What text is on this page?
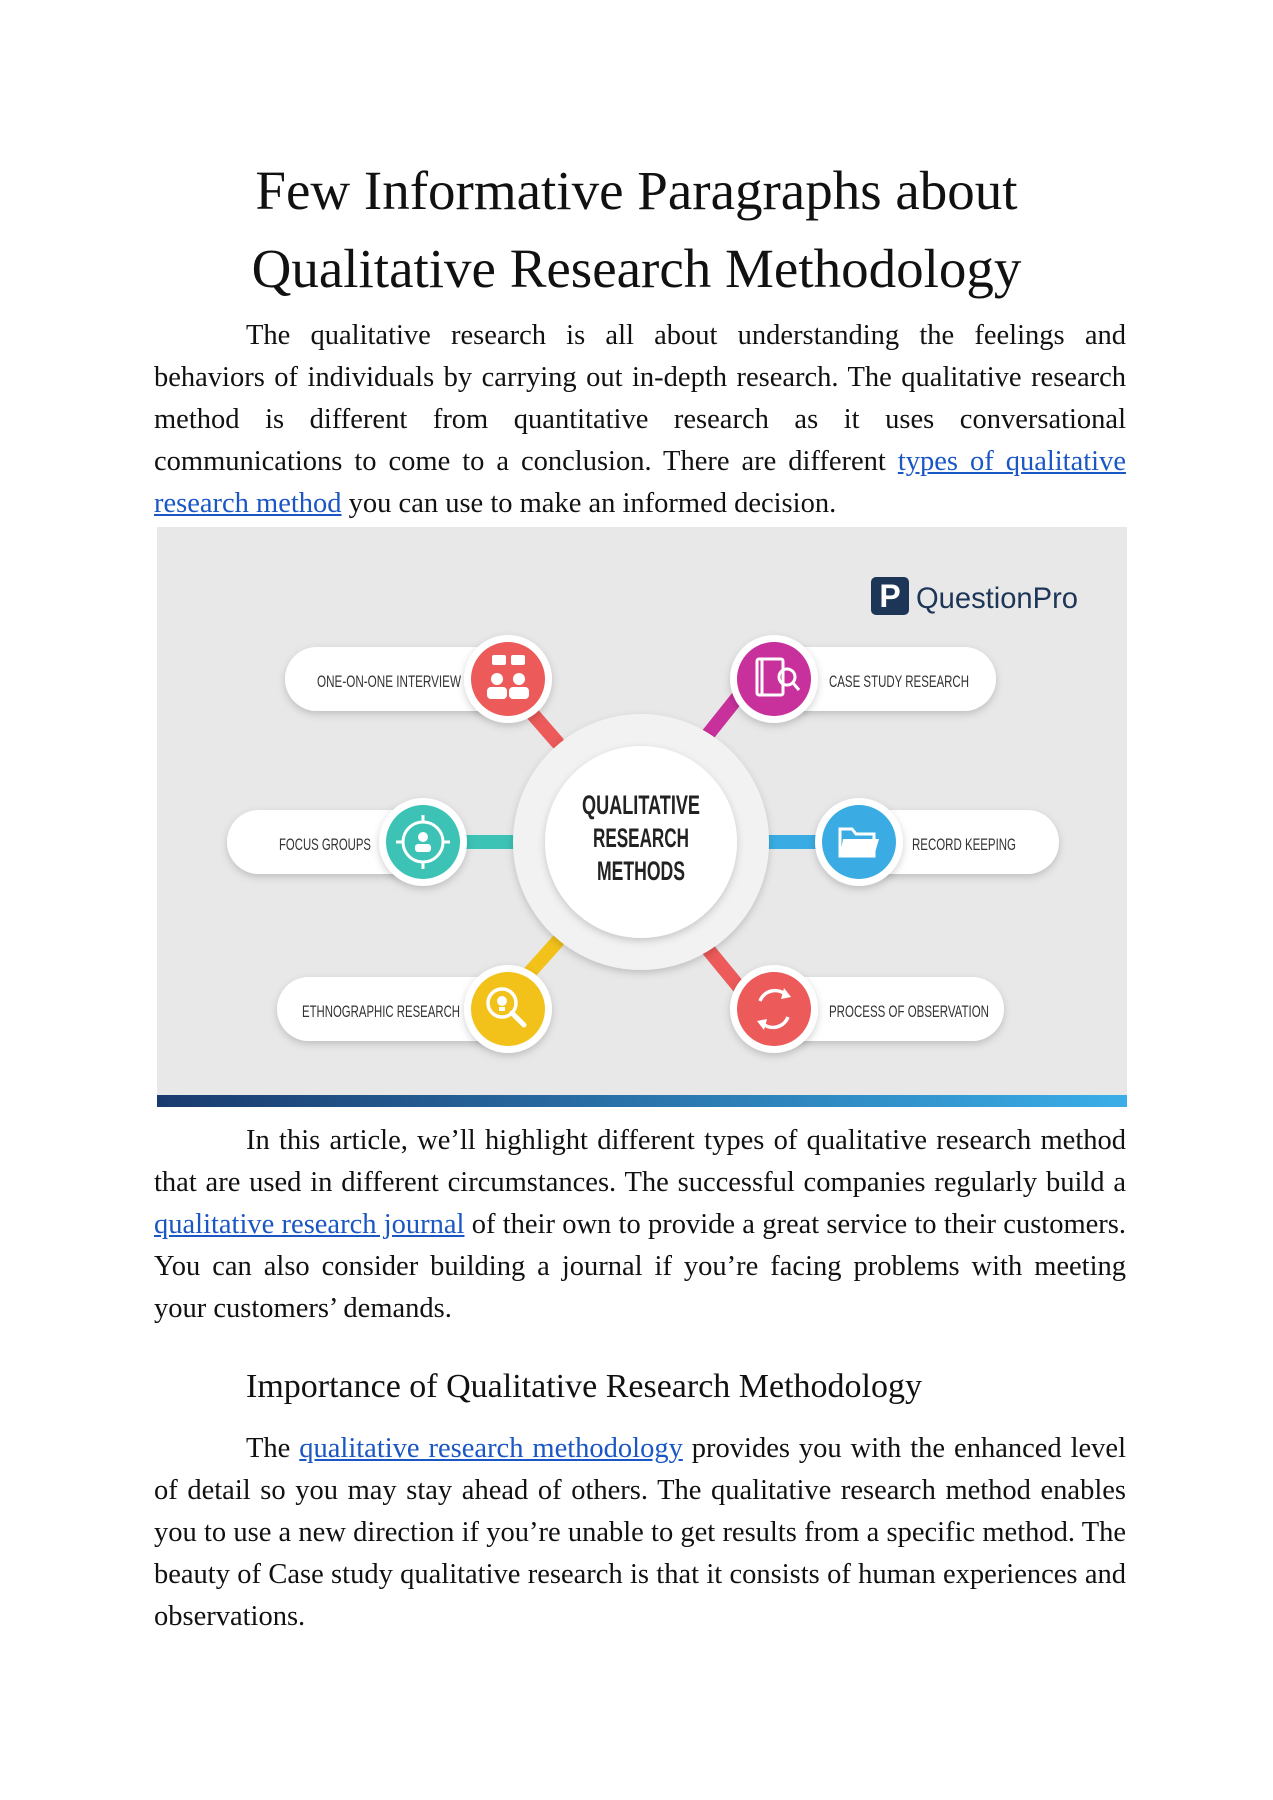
Few Informative Paragraphs about
Qualitative Research Methodology

The qualitative research is all about understanding the feelings and behaviors of individuals by carrying out in-depth research. The qualitative research method is different from quantitative research as it uses conversational communications to come to a conclusion. There are different types of qualitative research method you can use to make an informed decision.

P QuestionPro
QUALITATIVE
RESEARCH
METHODS
ONE-ON-ONE INTERVIEW	CASE STUDY RESEARCH
FOCUS GROUPS	RECORD KEEPING
ETHNOGRAPHIC RESEARCH	PROCESS OF OBSERVATION

In this article, we’ll highlight different types of qualitative research method that are used in different circumstances. The successful companies regularly build a qualitative research journal of their own to provide a great service to their customers. You can also consider building a journal if you’re facing problems with meeting your customers’ demands.

Importance of Qualitative Research Methodology

The qualitative research methodology provides you with the enhanced level of detail so you may stay ahead of others. The qualitative research method enables you to use a new direction if you’re unable to get results from a specific method. The beauty of Case study qualitative research is that it consists of human experiences and observations.
